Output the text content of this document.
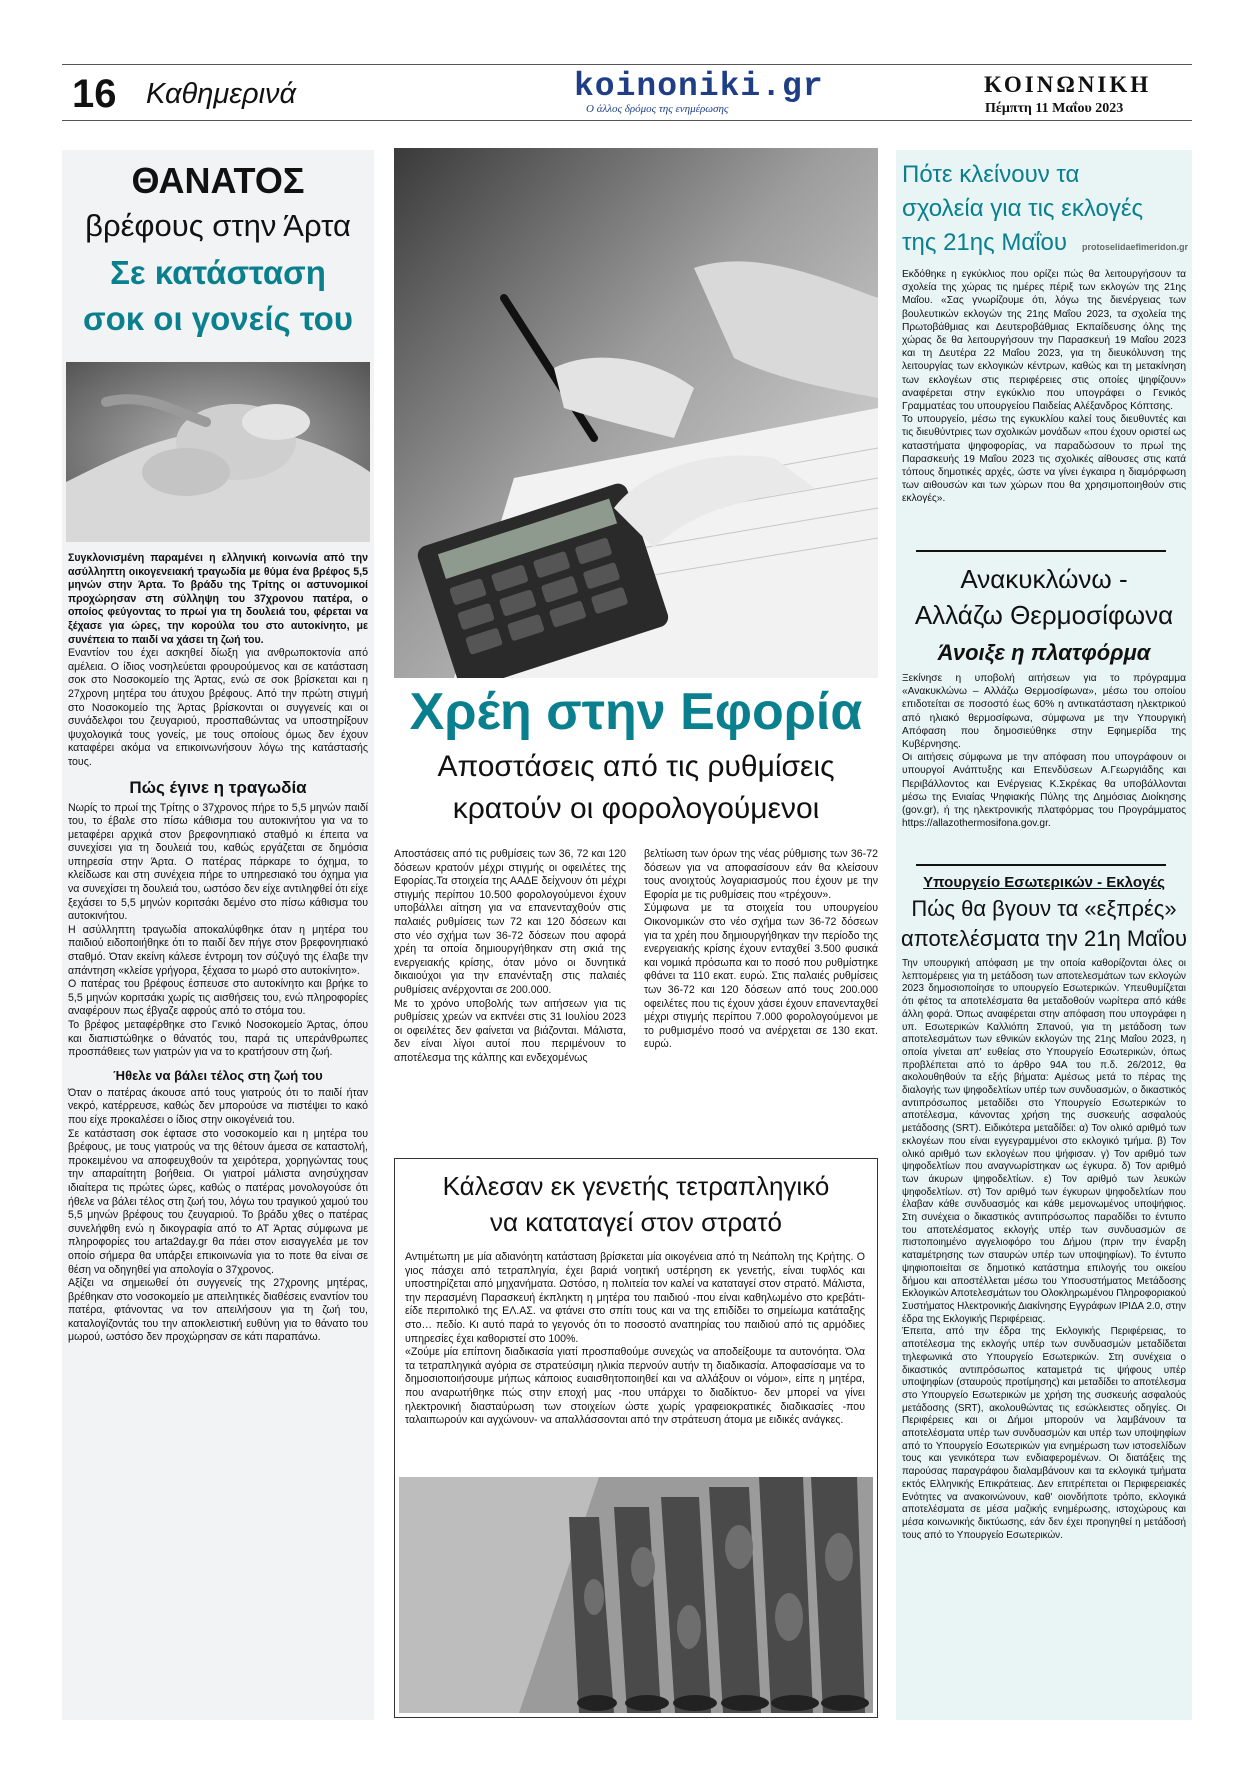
16 Καθημερινά	koinoniki.gr
Ο άλλος δρόμος της ενημέρωσης
ΚΟΙΝΩΝΙΚΗ
Πέμπτη 11 Μαΐου 2023
ΘΑΝΑΤΟΣ
βρέφους στην Άρτα
Σε κατάσταση
σοκ οι γονείς του

Συγκλονισμένη παραμένει η ελληνική κοινωνία από την ασύλληπτη οικογενειακή τραγωδία με θύμα ένα βρέφος 5,5 μηνών στην Άρτα. Το βράδυ της Τρίτης οι αστυνομικοί προχώρησαν στη σύλληψη του 37χρονου πατέρα, ο οποίος φεύγοντας το πρωί για τη δουλειά του, φέρεται να ξέχασε για ώρες, την κορούλα του στο αυτοκίνητο, με συνέπεια το παιδί να χάσει τη ζωή του.

Εναντίον του έχει ασκηθεί δίωξη για ανθρωποκτονία από αμέλεια. Ο ίδιος νοσηλεύεται φρουρούμενος και σε κατάσταση σοκ στο Νοσοκομείο της Άρτας, ενώ σε σοκ βρίσκεται και η 27χρονη μητέρα του άτυχου βρέφους. Από την πρώτη στιγμή στο Νοσοκομείο της Άρτας βρίσκονται οι συγγενείς και οι συνάδελφοι του ζευγαριού, προσπαθώντας να υποστηρίξουν ψυχολογικά τους γονείς, με τους οποίους όμως δεν έχουν καταφέρει ακόμα να επικοινωνήσουν λόγω της κατάστασής τους.

Πώς έγινε η τραγωδία

Νωρίς το πρωί της Τρίτης ο 37χρονος πήρε το 5,5 μηνών παιδί του, το έβαλε στο πίσω κάθισμα του αυτοκινήτου για να το μεταφέρει αρχικά στον βρεφονηπιακό σταθμό κι έπειτα να συνεχίσει για τη δουλειά του, καθώς εργάζεται σε δημόσια υπηρεσία στην Άρτα. Ο πατέρας πάρκαρε το όχημα, το κλείδωσε και στη συνέχεια πήρε το υπηρεσιακό του όχημα για να συνεχίσει τη δουλειά του, ωστόσο δεν είχε αντιληφθεί ότι είχε ξεχάσει το 5,5 μηνών κοριτσάκι δεμένο στο πίσω κάθισμα του αυτοκινήτου.

Η ασύλληπτη τραγωδία αποκαλύφθηκε όταν η μητέρα του παιδιού ειδοποιήθηκε ότι το παιδί δεν πήγε στον βρεφονηπιακό σταθμό. Όταν εκείνη κάλεσε έντρομη τον σύζυγό της έλαβε την απάντηση «κλείσε γρήγορα, ξέχασα το μωρό στο αυτοκίνητο».

Ο πατέρας του βρέφους έσπευσε στο αυτοκίνητο και βρήκε το 5,5 μηνών κοριτσάκι χωρίς τις αισθήσεις του, ενώ πληροφορίες αναφέρουν πως έβγαζε αφρούς από το στόμα του.

Το βρέφος μεταφέρθηκε στο Γενικό Νοσοκομείο Άρτας, όπου και διαπιστώθηκε ο θάνατός του, παρά τις υπεράνθρωπες προσπάθειες των γιατρών για να το κρατήσουν στη ζωή.

Ήθελε να βάλει τέλος στη ζωή του

Όταν ο πατέρας άκουσε από τους γιατρούς ότι το παιδί ήταν νεκρό, κατέρρευσε, καθώς δεν μπορούσε να πιστέψει το κακό που είχε προκαλέσει ο ίδιος στην οικογένειά του.

Σε κατάσταση σοκ έφτασε στο νοσοκομείο και η μητέρα του βρέφους, με τους γιατρούς να της θέτουν άμεσα σε καταστολή, προκειμένου να αποφευχθούν τα χειρότερα, χορηγώντας τους την απαραίτητη βοήθεια. Οι γιατροί μάλιστα ανησύχησαν ιδιαίτερα τις πρώτες ώρες, καθώς ο πατέρας μονολογούσε ότι ήθελε να βάλει τέλος στη ζωή του, λόγω του τραγικού χαμού του 5,5 μηνών βρέφους του ζευγαριού. Το βράδυ χθες ο πατέρας συνελήφθη ενώ η δικογραφία από το ΑΤ Άρτας σύμφωνα με πληροφορίες του arta2day.gr θα πάει στον εισαγγελέα με τον οποίο σήμερα θα υπάρξει επικοινωνία για το ποτε θα είναι σε θέση να οδηγηθεί για απολογία ο 37χρονος.

Αξίζει να σημειωθεί ότι συγγενείς της 27χρονης μητέρας, βρέθηκαν στο νοσοκομείο με απειλητικές διαθέσεις εναντίον του πατέρα, φτάνοντας να τον απειλήσουν για τη ζωή του, καταλογίζοντάς του την αποκλειστική ευθύνη για το θάνατο του μωρού, ωστόσο δεν προχώρησαν σε κάτι παραπάνω.

Χρέη στην Εφορία
Αποστάσεις από τις ρυθμίσεις
κρατούν οι φορολογούμενοι

Αποστάσεις από τις ρυθμίσεις των 36, 72 και 120 δόσεων κρατούν μέχρι στιγμής οι οφειλέτες της Εφορίας.Τα στοιχεία της ΑΑΔΕ δείχνουν ότι μέχρι στιγμής περίπου 10.500 φορολογούμενοι έχουν υποβάλλει αίτηση για να επανενταχθούν στις παλαιές ρυθμίσεις των 72 και 120 δόσεων και στο νέο σχήμα των 36-72 δόσεων που αφορά χρέη τα οποία δημιουργήθηκαν στη σκιά της ενεργειακής κρίσης, όταν μόνο οι δυνητικά δικαιούχοι για την επανένταξη στις παλαιές ρυθμίσεις ανέρχονται σε 200.000.

Με το χρόνο υποβολής των αιτήσεων για τις ρυθμίσεις χρεών να εκπνέει στις 31 Ιουλίου 2023 οι οφειλέτες δεν φαίνεται να βιάζονται. Μάλιστα, δεν είναι λίγοι αυτοί που περιμένουν το αποτέλεσμα της κάλπης και ενδεχομένως

βελτίωση των όρων της νέας ρύθμισης των 36-72 δόσεων για να αποφασίσουν εάν θα κλείσουν τους ανοιχτούς λογαριασμούς που έχουν με την Εφορία με τις ρυθμίσεις που «τρέχουν».

Σύμφωνα με τα στοιχεία του υπουργείου Οικονομικών στο νέο σχήμα των 36-72 δόσεων για τα χρέη που δημιουργήθηκαν την περίοδο της ενεργειακής κρίσης έχουν ενταχθεί 3.500 φυσικά και νομικά πρόσωπα και το ποσό που ρυθμίστηκε φθάνει τα 110 εκατ. ευρώ. Στις παλαιές ρυθμίσεις των 36-72 και 120 δόσεων από τους 200.000 οφειλέτες που τις έχουν χάσει έχουν επανενταχθεί μέχρι στιγμής περίπου 7.000 φορολογούμενοι με το ρυθμισμένο ποσό να ανέρχεται σε 130 εκατ. ευρώ.

Κάλεσαν εκ γενετής τετραπληγικό
να καταταγεί στον στρατό

Αντιμέτωπη με μία αδιανόητη κατάσταση βρίσκεται μία οικογένεια από τη Νεάπολη της Κρήτης. Ο γιος πάσχει από τετραπληγία, έχει βαριά νοητική υστέρηση εκ γενετής, είναι τυφλός και υποστηρίζεται από μηχανήματα. Ωστόσο, η πολιτεία τον καλεί να καταταγεί στον στρατό. Μάλιστα, την περασμένη Παρασκευή έκπληκτη η μητέρα του παιδιού -που είναι καθηλωμένο στο κρεβάτι- είδε περιπολικό της ΕΛ.ΑΣ. να φτάνει στο σπίτι τους και να της επιδίδει το σημείωμα κατάταξης στο… πεδίο. Κι αυτό παρά το γεγονός ότι το ποσοστό αναπηρίας του παιδιού από τις αρμόδιες υπηρεσίες έχει καθοριστεί στο 100%.

«Ζούμε μία επίπονη διαδικασία γιατί προσπαθούμε συνεχώς να αποδείξουμε τα αυτονόητα. Όλα τα τετραπληγικά αγόρια σε στρατεύσιμη ηλικία περνούν αυτήν τη διαδικασία. Αποφασίσαμε να το δημοσιοποιήσουμε μήπως κάποιος ευαισθητοποιηθεί και να αλλάξουν οι νόμοι», είπε η μητέρα, που αναρωτήθηκε πώς στην εποχή μας -που υπάρχει το διαδίκτυο- δεν μπορεί να γίνει ηλεκτρονική διασταύρωση των στοιχείων ώστε χωρίς γραφειοκρατικές διαδικασίες -που ταλαιπωρούν και αγχώνουν- να απαλλάσσονται από την στράτευση άτομα με ειδικές ανάγκες.

Πότε κλείνουν τα
σχολεία για τις εκλογές
της 21ης Μαΐου	protoselidaefimeridon.gr

Εκδόθηκε η εγκύκλιος που ορίζει πώς θα λειτουργήσουν τα σχολεία της χώρας τις ημέρες πέριξ των εκλογών της 21ης Μαΐου. «Σας γνωρίζουμε ότι, λόγω της διενέργειας των βουλευτικών εκλογών της 21ης Μαΐου 2023, τα σχολεία της Πρωτοβάθμιας και Δευτεροβάθμιας Εκπαίδευσης όλης της χώρας δε θα λειτουργήσουν την Παρασκευή 19 Μαΐου 2023 και τη Δευτέρα 22 Μαΐου 2023, για τη διευκόλυνση της λειτουργίας των εκλογικών κέντρων, καθώς και τη μετακίνηση των εκλογέων στις περιφέρειες στις οποίες ψηφίζουν» αναφέρεται στην εγκύκλιο που υπογράφει ο Γενικός Γραμματέας του υπουργείου Παιδείας Αλέξανδρος Κόπτσης.

Το υπουργείο, μέσω της εγκυκλίου καλεί τους διευθυντές και τις διευθύντριες των σχολικών μονάδων «που έχουν οριστεί ως καταστήματα ψηφοφορίας, να παραδώσουν το πρωί της Παρασκευής 19 Μαΐου 2023 τις σχολικές αίθουσες στις κατά τόπους δημοτικές αρχές, ώστε να γίνει έγκαιρα η διαμόρφωση των αιθουσών και των χώρων που θα χρησιμοποιηθούν στις εκλογές».

Ανακυκλώνω -
Αλλάζω Θερμοσίφωνα
Άνοιξε η πλατφόρμα

Ξεκίνησε η υποβολή αιτήσεων για το πρόγραμμα «Ανακυκλώνω – Αλλάζω Θερμοσίφωνα», μέσω του οποίου επιδοτείται σε ποσοστό έως 60% η αντικατάσταση ηλεκτρικού από ηλιακό θερμοσίφωνα, σύμφωνα με την Υπουργική Απόφαση που δημοσιεύθηκε στην Εφημερίδα της Κυβέρνησης.

Οι αιτήσεις σύμφωνα με την απόφαση που υπογράφουν οι υπουργοί Ανάπτυξης και Επενδύσεων Α.Γεωργιάδης και Περιβάλλοντος και Ενέργειας Κ.Σκρέκας θα υποβάλλονται μέσω της Ενιαίας Ψηφιακής Πύλης της Δημόσιας Διοίκησης (gov.gr), ή της ηλεκτρονικής πλατφόρμας του Προγράμματος https://allazothermosifona.gov.gr.

Υπουργείο Εσωτερικών - Εκλογές
Πώς θα βγουν τα «εξπρές»
αποτελέσματα την 21η Μαΐου

Την υπουργική απόφαση με την οποία καθορίζονται όλες οι λεπτομέρειες για τη μετάδοση των αποτελεσμάτων των εκλογών 2023 δημοσιοποίησε το υπουργείο Εσωτερικών. Υπευθυμίζεται ότι φέτος τα αποτελέσματα θα μεταδοθούν νωρίτερα από κάθε άλλη φορά. Όπως αναφέρεται στην απόφαση που υπογράφει η υπ. Εσωτερικών Καλλιόπη Σπανού, για τη μετάδοση των αποτελεσμάτων των εθνικών εκλογών της 21ης Μαΐου 2023, η οποία γίνεται απ' ευθείας στο Υπουργείο Εσωτερικών, όπως προβλέπεται από το άρθρο 94Α του π.δ. 26/2012, θα ακολουθηθούν τα εξής βήματα: Αμέσως μετά το πέρας της διαλογής των ψηφοδελτίων υπέρ των συνδυασμών, ο δικαστικός αντιπρόσωπος μεταδίδει στο Υπουργείο Εσωτερικών το αποτέλεσμα, κάνοντας χρήση της συσκευής ασφαλούς μετάδοσης (SRT). Ειδικότερα μεταδίδει: α) Τον ολικό αριθμό των εκλογέων που είναι εγγεγραμμένοι στο εκλογικό τμήμα. β) Τον ολικό αριθμό των εκλογέων που ψήφισαν. γ) Τον αριθμό των ψηφοδελτίων που αναγνωρίστηκαν ως έγκυρα. δ) Τον αριθμό των άκυρων ψηφοδελτίων. ε) Τον αριθμό των λευκών ψηφοδελτίων. στ) Τον αριθμό των έγκυρων ψηφοδελτίων που έλαβαν κάθε συνδυασμός και κάθε μεμονωμένος υποψήφιος. Στη συνέχεια ο δικαστικός αντιπρόσωπος παραδίδει το έντυπο του αποτελέσματος εκλογής υπέρ των συνδυασμών σε πιστοποιημένο αγγελιοφόρο του Δήμου (πριν την έναρξη καταμέτρησης των σταυρών υπέρ των υποψηφίων). Το έντυπο ψηφιοποιείται σε δημοτικό κατάστημα επιλογής του οικείου δήμου και αποστέλλεται μέσω του Υποσυστήματος Μετάδοσης Εκλογικών Αποτελεσμάτων του Ολοκληρωμένου Πληροφοριακού Συστήματος Ηλεκτρονικής Διακίνησης Εγγράφων ΙΡΙΔΑ 2.0, στην έδρα της Εκλογικής Περιφέρειας.

Έπειτα, από την έδρα της Εκλογικής Περιφέρειας, το αποτέλεσμα της εκλογής υπέρ των συνδυασμών μεταδίδεται τηλεφωνικά στο Υπουργείο Εσωτερικών. Στη συνέχεια ο δικαστικός αντιπρόσωπος καταμετρά τις ψήφους υπέρ υποψηφίων (σταυρούς προτίμησης) και μεταδίδει το αποτέλεσμα στο Υπουργείο Εσωτερικών με χρήση της συσκευής ασφαλούς μετάδοσης (SRT), ακολουθώντας τις εσώκλειστες οδηγίες. Οι Περιφέρειες και οι Δήμοι μπορούν να λαμβάνουν τα αποτελέσματα υπέρ των συνδυασμών και υπέρ των υποψηφίων από το Υπουργείο Εσωτερικών για ενημέρωση των ιστοσελίδων τους και γενικότερα των ενδιαφερομένων. Οι διατάξεις της παρούσας παραγράφου διαλαμβάνουν και τα εκλογικά τμήματα εκτός Ελληνικής Επικράτειας. Δεν επιτρέπεται οι Περιφερειακές Ενότητες να ανακοινώνουν, καθ' οιονδήποτε τρόπο, εκλογικά αποτελέσματα σε μέσα μαζικής ενημέρωσης, ιστοχώρους και μέσα κοινωνικής δικτύωσης, εάν δεν έχει προηγηθεί η μετάδοσή τους από το Υπουργείο Εσωτερικών.
